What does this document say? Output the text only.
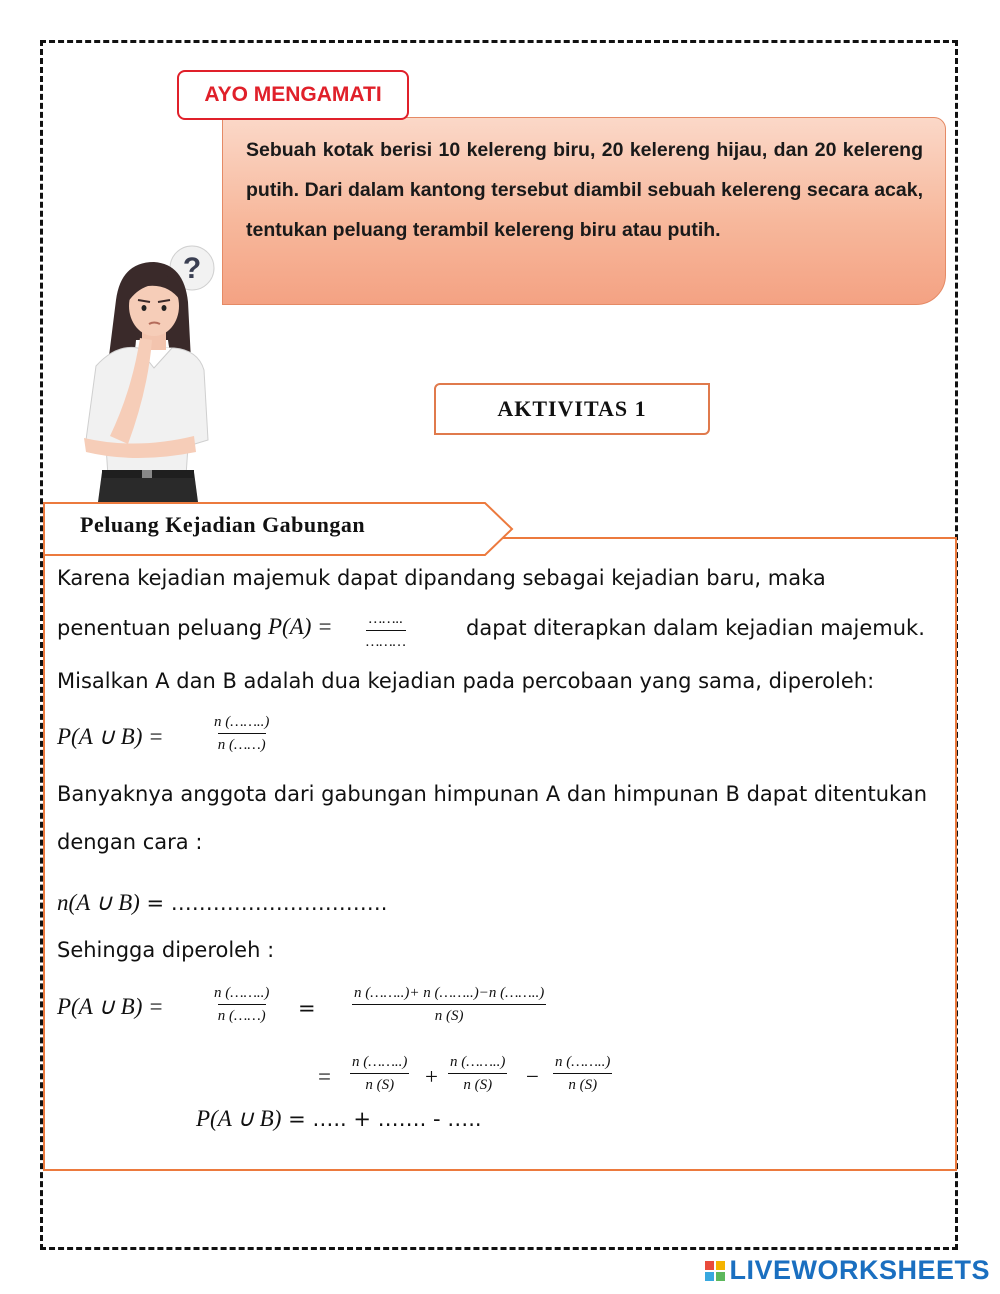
AYO MENGAMATI

Sebuah kotak berisi 10 kelereng biru, 20 kelereng hijau, dan 20 kelereng putih. Dari dalam kantong tersebut diambil sebuah kelereng secara acak, tentukan peluang terambil kelereng biru atau putih.

?
AKTIVITAS 1
Peluang Kejadian Gabungan
Karena kejadian majemuk dapat dipandang sebagai kejadian baru, maka
penentuan peluang P(A) = ……..
………
dapat diterapkan dalam kejadian majemuk.
Misalkan A dan B adalah dua kejadian pada percobaan yang sama, diperoleh:
P(A ∪ B) =	$\frac{n (\dots\dots..)}{n (\dots\dots)}$
Banyaknya anggota dari gabungan himpunan A dan himpunan B dapat ditentukan
dengan cara :
n(A ∪ B) = ………………………….
Sehingga diperoleh :
P(A ∪ B) =	$\frac{n (\dots\dots..)}{n (\dots\dots)} = \frac{n (\dots\dots..)+ n (\dots\dots..)-n (\dots\dots..)}{n (S)}$
= $\frac{n (\dots\dots..)}{n (S)} + \frac{n (\dots\dots..)}{n (S)} - \frac{n (\dots\dots..)}{n (S)}$
P(A ∪ B) = ….. + ……. - …..
LIVEWORKSHEETS
